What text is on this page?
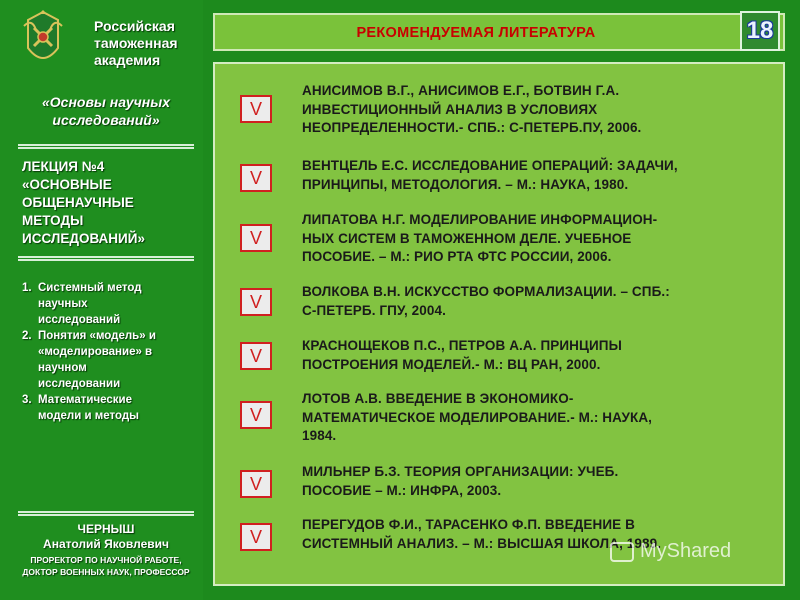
Российская
таможенная
академия
«Основы научных исследований»
ЛЕКЦИЯ №4
«ОСНОВНЫЕ
ОБЩЕНАУЧНЫЕ
МЕТОДЫ
ИССЛЕДОВАНИЙ»
1. Системный метод
научных
исследований
2. Понятия «модель» и
«моделирование» в
научном
исследовании
3. Математические
модели и методы
ЧЕРНЫШ
Анатолий Яковлевич
ПРОРЕКТОР ПО НАУЧНОЙ РАБОТЕ,
ДОКТОР ВОЕННЫХ НАУК, ПРОФЕССОР
РЕКОМЕНДУЕМАЯ ЛИТЕРАТУРА	18
V
АНИСИМОВ В.Г., АНИСИМОВ Е.Г., БОТВИН Г.А.
ИНВЕСТИЦИОННЫЙ АНАЛИЗ В УСЛОВИЯХ
НЕОПРЕДЕЛЕННОСТИ.- СПБ.: С-ПЕТЕРБ.ПУ, 2006.
V
ВЕНТЦЕЛЬ Е.С. ИССЛЕДОВАНИЕ ОПЕРАЦИЙ: ЗАДАЧИ,
ПРИНЦИПЫ, МЕТОДОЛОГИЯ. – М.: НАУКА, 1980.
V
ЛИПАТОВА Н.Г. МОДЕЛИРОВАНИЕ ИНФОРМАЦИОН-
НЫХ СИСТЕМ В ТАМОЖЕННОМ ДЕЛЕ. УЧЕБНОЕ
ПОСОБИЕ. – М.: РИО РТА ФТС РОССИИ, 2006.
V
ВОЛКОВА В.Н. ИСКУССТВО ФОРМАЛИЗАЦИИ. – СПБ.:
С-ПЕТЕРБ. ГПУ, 2004.
V
КРАСНОЩЕКОВ П.С., ПЕТРОВ А.А. ПРИНЦИПЫ
ПОСТРОЕНИЯ МОДЕЛЕЙ.- М.: ВЦ РАН, 2000.
V
ЛОТОВ А.В. ВВЕДЕНИЕ В ЭКОНОМИКО-
МАТЕМАТИЧЕСКОЕ МОДЕЛИРОВАНИЕ.- М.: НАУКА,
1984.
V
МИЛЬНЕР Б.З. ТЕОРИЯ ОРГАНИЗАЦИИ: УЧЕБ.
ПОСОБИЕ – М.: ИНФРА, 2003.
V
ПЕРЕГУДОВ Ф.И., ТАРАСЕНКО Ф.П. ВВЕДЕНИЕ В
СИСТЕМНЫЙ АНАЛИЗ. – М.: ВЫСШАЯ ШКОЛА, 1989.
MyShared
